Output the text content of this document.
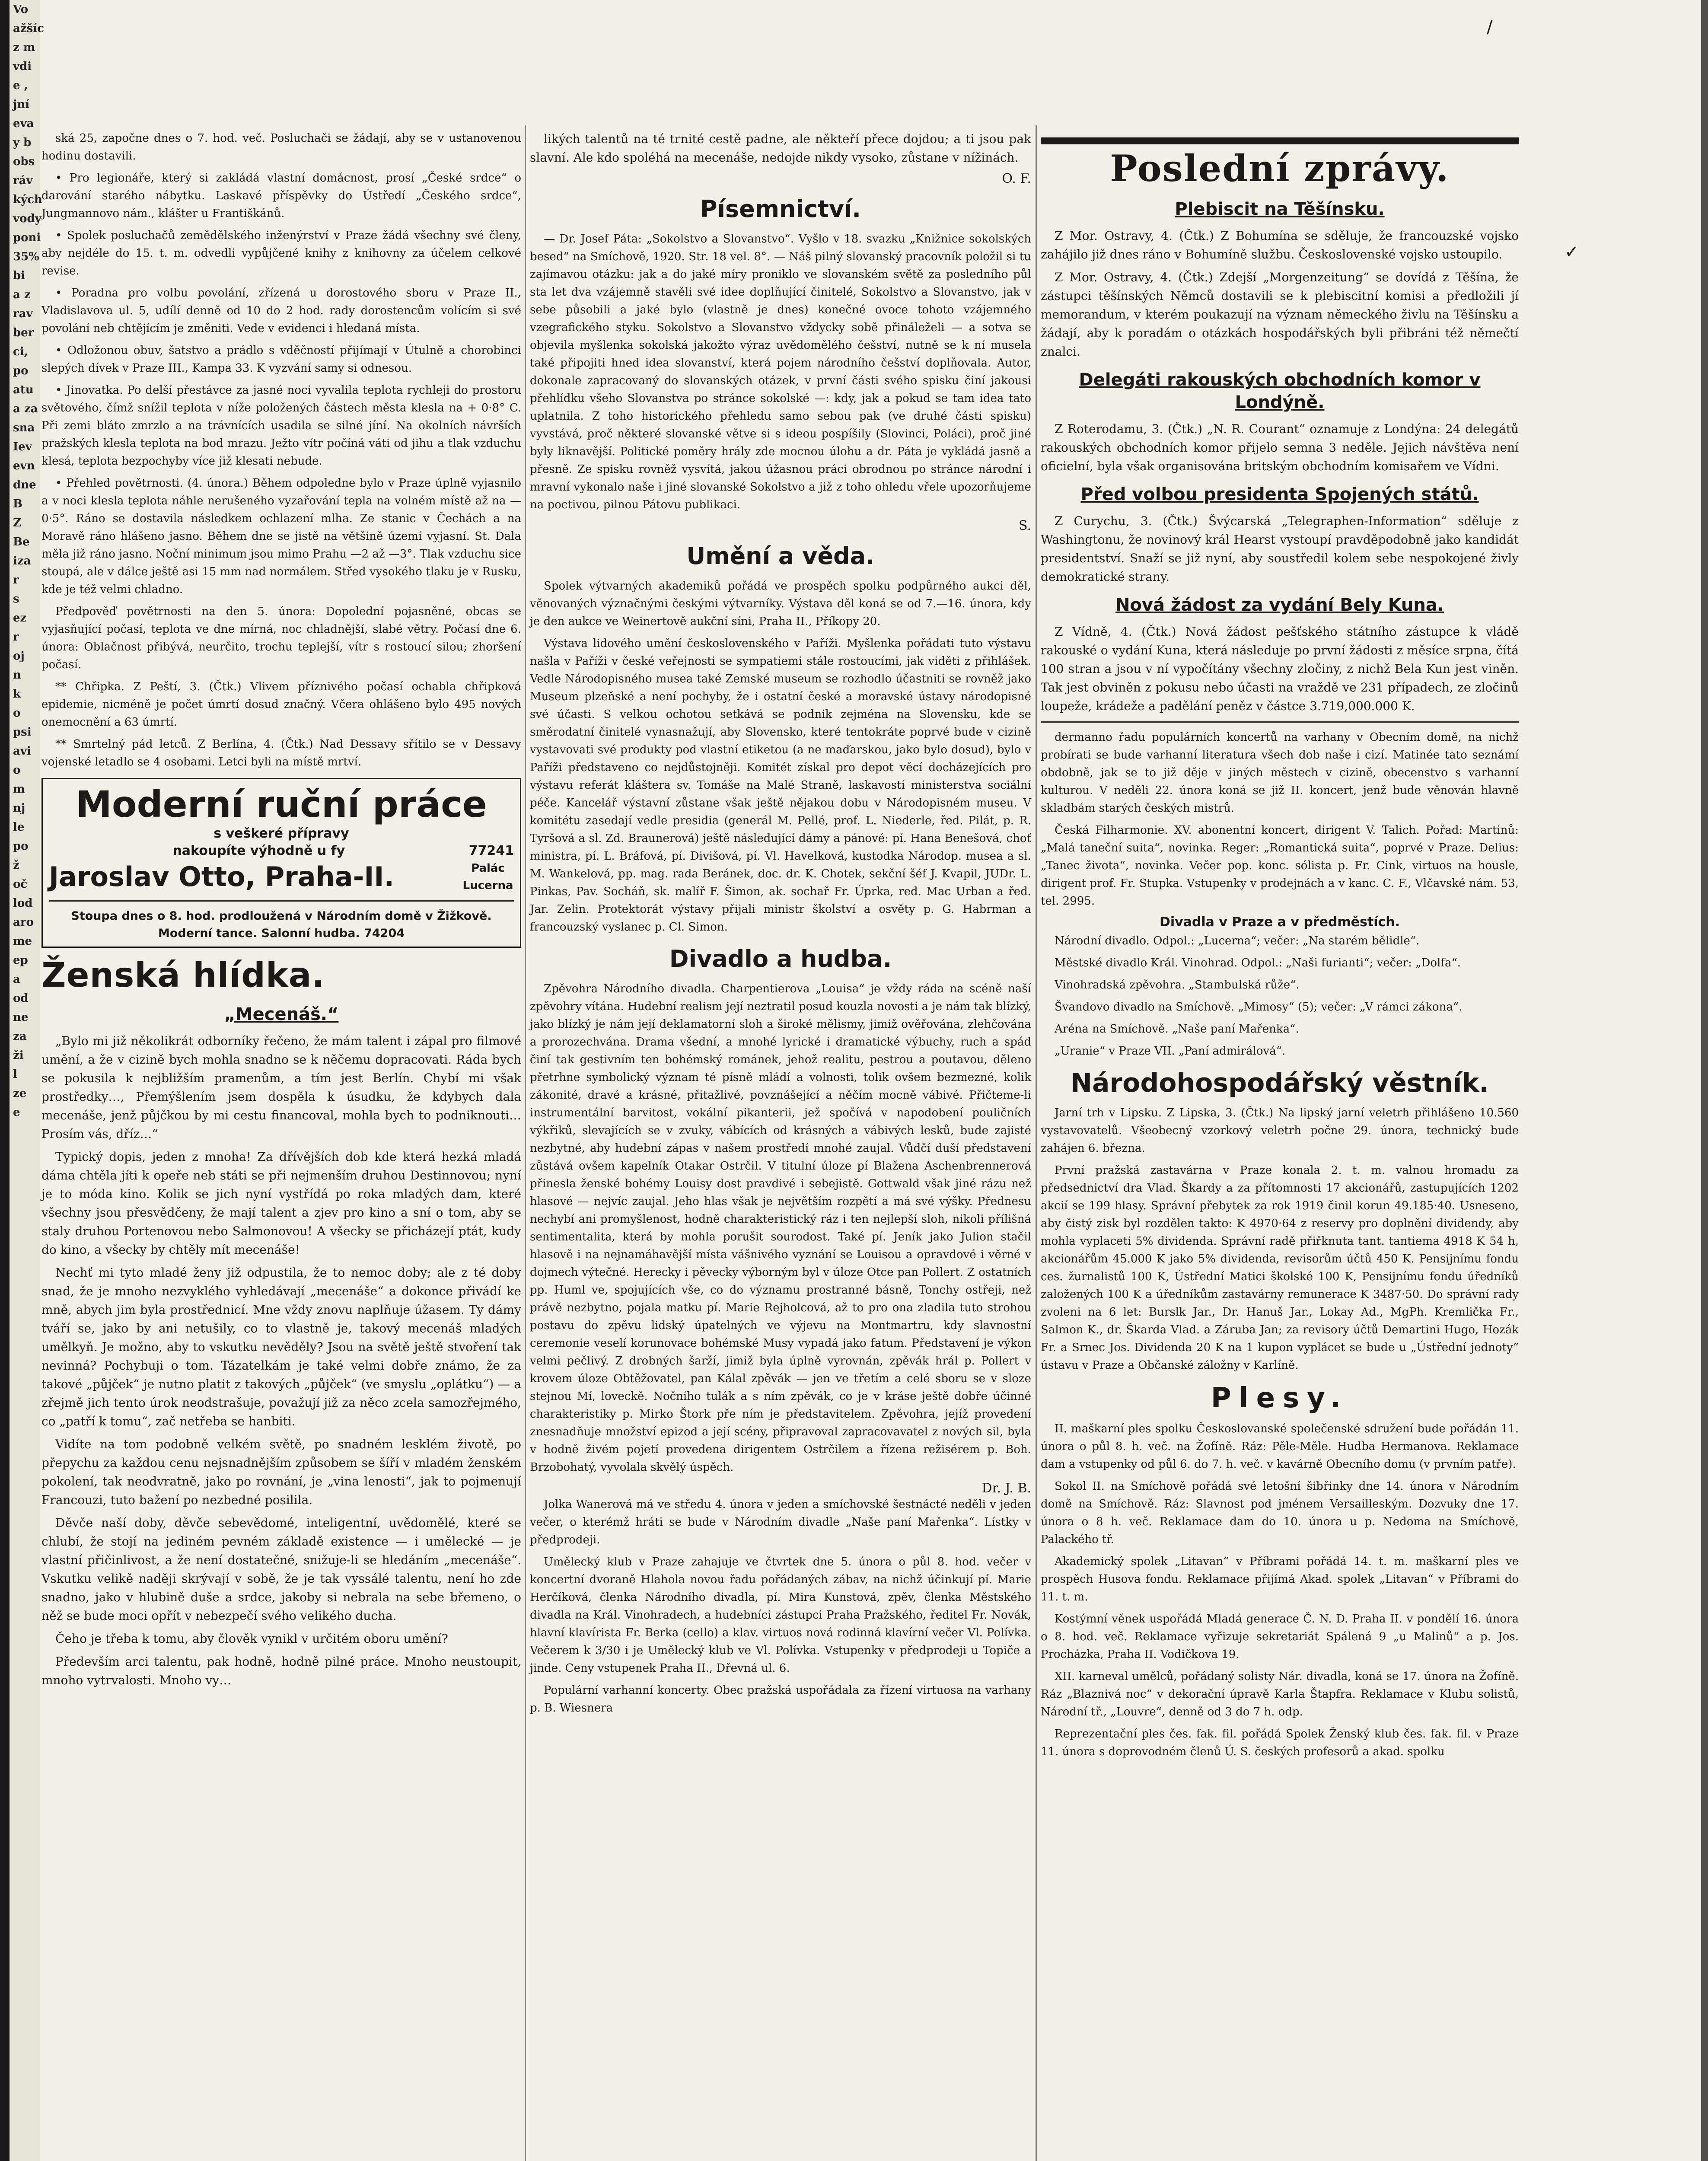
Vo
ažšíc
z m
vdi
e ,
jní
eva
y b
obs
ráv
kých
vody
poni
35%
bi
a z
rav
ber
ci,
po
atu
a za
sna
Iev
evn
dne
B
Z
Be
iza
r
s
ez
r
oj
n
k
o
psi
avi
o
m
nj
le
po
ž
oč
lod
aro
me
ep
a
od
ne
za
ži
l
ze
e

ská 25, započne dnes o 7. hod. več. Posluchači se žádají, aby se v ustanovenou hodinu dostavili.

• Pro legionáře, který si zakládá vlastní domácnost, prosí „České srdce“ o darování starého nábytku. Laskavé příspěvky do Ústředí „Českého srdce“, Jungmannovo nám., klášter u Františkánů.

• Spolek posluchačů zemědělského inženýrství v Praze žádá všechny své členy, aby nejdéle do 15. t. m. odvedli vypůjčené knihy z knihovny za účelem celkové revise.

• Poradna pro volbu povolání, zřízená u dorostového sboru v Praze II., Vladislavova ul. 5, udílí denně od 10 do 2 hod. rady dorostencům volícím si své povolání neb chtějícím je změniti. Vede v evidenci i hledaná místa.

• Odložonou obuv, šatstvo a prádlo s vděčností přijímají v Útulně a chorobinci slepých dívek v Praze III., Kampa 33. K vyzvání samy si odnesou.

• Jinovatka. Po delší přestávce za jasné noci vyvalila teplota rychleji do prostoru světového, čímž snížil teplota v níže položených částech města klesla na + 0·8° C. Při zemi bláto zmrzlo a na trávnících usadila se silné jíní. Na okolních návrších pražských klesla teplota na bod mrazu. Ježto vítr počíná váti od jihu a tlak vzduchu klesá, teplota bezpochyby více již klesati nebude.

• Přehled povětrnosti. (4. února.) Během odpoledne bylo v Praze úplně vyjasnilo a v noci klesla teplota náhle nerušeného vyzařování tepla na volném místě až na — 0·5°. Ráno se dostavila následkem ochlazení mlha. Ze stanic v Čechách a na Moravě ráno hlášeno jasno. Během dne se jistě na většině území vyjasní. St. Dala měla již ráno jasno. Noční minimum jsou mimo Prahu —2 až —3°. Tlak vzduchu sice stoupá, ale v dálce ještě asi 15 mm nad normálem. Střed vysokého tlaku je v Rusku, kde je též velmi chladno.

Předpověď povětrnosti na den 5. února: Dopolední pojasněné, obcas se vyjasňující počasí, teplota ve dne mírná, noc chladnější, slabé větry. Počasí dne 6. února: Oblačnost přibývá, neurčito, trochu teplejší, vítr s rostoucí silou; zhoršení počasí.

** Chřipka. Z Peští, 3. (Čtk.) Vlivem příznivého počasí ochabla chřipková epidemie, nicméně je počet úmrtí dosud značný. Včera ohlášeno bylo 495 nových onemocnění a 63 úmrtí.

** Smrtelný pád letců. Z Berlína, 4. (Čtk.) Nad Dessavy sřítilo se v Dessavy vojenské letadlo se 4 osobami. Letci byli na místě mrtví.

Moderní ruční práce
s veškeré přípravy
nakoupíte výhodně u fy	77241
Jaroslav Otto, Praha-II.	Palác Lucerna
Stoupa dnes o 8. hod. prodloužená v Národním domě v Žižkově. Moderní tance. Salonní hudba. 74204
Ženská hlídka.
„Mecenáš.“

„Bylo mi již několikrát odborníky řečeno, že mám talent i zápal pro filmové umění, a že v cizině bych mohla snadno se k něčemu dopracovati. Ráda bych se pokusila k nejbližším pramenům, a tím jest Berlín. Chybí mi však prostředky…, Přemýšlením jsem dospěla k úsudku, že kdybych dala mecenáše, jenž půjčkou by mi cestu financoval, mohla bych to podniknouti… Prosím vás, dříz…“

Typický dopis, jeden z mnoha! Za dřívějších dob kde která hezká mladá dáma chtěla jíti k opeře neb státi se při nejmenším druhou Destinnovou; nyní je to móda kino. Kolik se jich nyní vystřídá po roka mladých dam, které všechny jsou přesvědčeny, že mají talent a zjev pro kino a sní o tom, aby se staly druhou Portenovou nebo Salmonovou! A všecky se přicházejí ptát, kudy do kino, a všecky by chtěly mít mecenáše!

Nechť mi tyto mladé ženy již odpustila, že to nemoc doby; ale z té doby snad, že je mnoho nezvyklého vyhledávají „mecenáše“ a dokonce přivádí ke mně, abych jim byla prostřednicí. Mne vždy znovu naplňuje úžasem. Ty dámy tváří se, jako by ani netušily, co to vlastně je, takový mecenáš mladých umělkyň. Je možno, aby to vskutku nevěděly? Jsou na světě ještě stvoření tak nevinná? Pochybuji o tom. Tázatelkám je také velmi dobře známo, že za takové „půjček“ je nutno platit z takových „půjček“ (ve smyslu „oplátku“) — a zřejmě jich tento úrok neodstrašuje, považují již za něco zcela samozřejmého, co „patří k tomu“, zač netřeba se hanbiti.

Vidíte na tom podobně velkém světě, po snadném lesklém životě, po přepychu za každou cenu nejsnadnějším způsobem se šíří v mladém ženském pokolení, tak neodvratně, jako po rovnání, je „vina lenosti“, jak to pojmenují Francouzi, tuto bažení po nezbedné posilila.

Děvče naší doby, děvče sebevědomé, inteligentní, uvědomělé, které se chlubí, že stojí na jediném pevném základě existence — i umělecké — je vlastní přičinlivost, a že není dostatečné, snižuje-li se hledáním „mecenáše“. Vskutku velikě naději skrývají v sobě, že je tak vyssálé talentu, není ho zde snadno, jako v hlubině duše a srdce, jakoby si nebrala na sebe břemeno, o něž se bude moci opřít v nebezpečí svého velikého ducha.

Čeho je třeba k tomu, aby člověk vynikl v určitém oboru umění?

Především arci talentu, pak hodně, hodně pilné práce. Mnoho neustoupit, mnoho vytrvalosti. Mnoho vy…

likých talentů na té trnité cestě padne, ale někteří přece dojdou; a ti jsou pak slavní. Ale kdo spoléhá na mecenáše, nedojde nikdy vysoko, zůstane v nížinách.

O. F.
Písemnictví.

— Dr. Josef Páta: „Sokolstvo a Slovanstvo“. Vyšlo v 18. svazku „Knižnice sokolských besed“ na Smíchově, 1920. Str. 18 vel. 8°. — Náš pilný slovanský pracovník položil si tu zajímavou otázku: jak a do jaké míry proniklo ve slovanském světě za posledního půl sta let dva vzájemně stavěli své idee doplňující činitelé, Sokolstvo a Slovanstvo, jak v sebe působili a jaké bylo (vlastně je dnes) konečné ovoce tohoto vzájemného vzegrafického styku. Sokolstvo a Slovanstvo vždycky sobě přináleželi — a sotva se objevila myšlenka sokolská jakožto výraz uvědomělého češství, nutně se k ní musela také připojiti hned idea slovanství, která pojem národního češství doplňovala. Autor, dokonale zapracovaný do slovanských otázek, v první části svého spisku činí jakousi přehlídku všeho Slovanstva po stránce sokolské —: kdy, jak a pokud se tam idea tato uplatnila. Z toho historického přehledu samo sebou pak (ve druhé části spisku) vyvstává, proč některé slovanské větve si s ideou pospíšily (Slovinci, Poláci), proč jiné byly liknavější. Politické poměry hrály zde mocnou úlohu a dr. Páta je vykládá jasně a přesně. Ze spisku rovněž vysvítá, jakou úžasnou práci obrodnou po stránce národní i mravní vykonalo naše i jiné slovanské Sokolstvo a již z toho ohledu vřele upozorňujeme na poctivou, pilnou Pátovu publikaci.

S.
Umění a věda.

Spolek výtvarných akademiků pořádá ve prospěch spolku podpůrného aukci děl, věnovaných význačnými českými výtvarníky. Výstava děl koná se od 7.—16. února, kdy je den aukce ve Weinertově aukční síni, Praha II., Příkopy 20.

Výstava lidového umění československého v Paříži. Myšlenka pořádati tuto výstavu našla v Paříži v české veřejnosti se sympatiemi stále rostoucími, jak viděti z přihlášek. Vedle Národopisného musea také Zemské museum se rozhodlo účastniti se rovněž jako Museum plzeňské a není pochyby, že i ostatní české a moravské ústavy národopisné své účasti. S velkou ochotou setkává se podnik zejména na Slovensku, kde se směrodatní činitelé vynasnažují, aby Slovensko, které tentokráte poprvé bude v cizině vystavovati své produkty pod vlastní etiketou (a ne maďarskou, jako bylo dosud), bylo v Paříži představeno co nejdůstojněji. Komitét získal pro depot věcí docházejících pro výstavu referát kláštera sv. Tomáše na Malé Straně, laskavostí ministerstva sociální péče. Kancelář výstavní zůstane však ještě nějakou dobu v Národopisném museu. V komitétu zasedají vedle presidia (generál M. Pellé, prof. L. Niederle, řed. Pilát, p. R. Tyršová a sl. Zd. Braunerová) ještě následující dámy a pánové: pí. Hana Benešová, choť ministra, pí. L. Bráfová, pí. Divišová, pí. Vl. Havelková, kustodka Národop. musea a sl. M. Wankelová, pp. mag. rada Beránek, doc. dr. K. Chotek, sekční šéf J. Kvapil, JUDr. L. Pinkas, Pav. Socháň, sk. malíř F. Šimon, ak. sochař Fr. Úprka, red. Mac Urban a řed. Jar. Zelin. Protektorát výstavy přijali ministr školství a osvěty p. G. Habrman a francouzský vyslanec p. Cl. Simon.

Divadlo a hudba.

Zpěvohra Národního divadla. Charpentierova „Louisa“ je vždy ráda na scéně naší zpěvohry vítána. Hudební realism její neztratil posud kouzla novosti a je nám tak blízký, jako blízký je nám její deklamatorní sloh a široké mělismy, jimiž ověřována, zlehčována a prorozechvána. Drama všední, a mnohé lyrické i dramatické výbuchy, ruch a spád činí tak gestivním ten bohémský románek, jehož realitu, pestrou a poutavou, děleno přetrhne symbolický význam té písně mládí a volnosti, tolik ovšem bezmezné, kolik zákonité, dravé a krásné, přitažlivé, povznášející a něčím mocně vábivé. Přičteme-li instrumentální barvitost, vokální pikanterii, jež spočívá v napodobení pouličních výkřiků, slevajících se v zvuky, vábících od krásných a vábivých lesků, bude zajisté nezbytné, aby hudební zápas v našem prostředí mnohé zaujal. Vůdčí duší představení zůstává ovšem kapelník Otakar Ostrčil. V titulní úloze pí Blažena Aschenbrennerová přinesla ženské bohémy Louisy dost pravdivé i sebejistě. Gottwald však jiné rázu než hlasové — nejvíc zaujal. Jeho hlas však je největším rozpětí a má své výšky. Přednesu nechybí ani promyšlenost, hodně charakteristický ráz i ten nejlepší sloh, nikoli přílišná sentimentalita, která by mohla porušit sourodost. Také pí. Jeník jako Julion stačil hlasově i na nejnamáhavější místa vášnivého vyznání se Louisou a opravdové i věrné v dojmech výtečné. Herecky i pěvecky výborným byl v úloze Otce pan Pollert. Z ostatních pp. Huml ve, spojujících vše, co do významu prostranné básně, Tonchy ostřeji, než právě nezbytno, pojala matku pí. Marie Rejholcová, až to pro ona zladila tuto strohou postavu do zpěvu lidský úpatelných ve výjevu na Montmartru, kdy slavnostní ceremonie veselí korunovace bohémské Musy vypadá jako fatum. Představení je výkon velmi pečlivý. Z drobných šarží, jimiž byla úplně vyrovnán, zpěvák hrál p. Pollert v krovem úloze Obtěžovatel, pan Kálal zpěvák — jen ve třetím a celé sboru se v sloze stejnou Mí, loveckě. Nočního tulák a s ním zpěvák, co je v kráse ještě dobře účinné charakteristiky p. Mirko Štork pře ním je představitelem. Zpěvohra, jejíž provedení znesnadňuje množství epizod a její scény, připravoval zapracovavatel z nových sil, byla v hodně živém pojetí provedena dirigentem Ostrčilem a řízena režisérem p. Boh. Brzobohatý, vyvolala skvělý úspěch.

Dr. J. B.

Jolka Wanerová má ve středu 4. února v jeden a smíchovské šestnácté neděli v jeden večer, o kterémž hráti se bude v Národním divadle „Naše paní Mařenka“. Lístky v předprodeji.

Umělecký klub v Praze zahajuje ve čtvrtek dne 5. února o půl 8. hod. večer v koncertní dvoraně Hlahola novou řadu pořádaných zábav, na nichž účinkují pí. Marie Herčíková, členka Národního divadla, pí. Mira Kunstová, zpěv, členka Městského divadla na Král. Vinohradech, a hudebníci zástupci Praha Pražského, ředitel Fr. Novák, hlavní klavírista Fr. Berka (cello) a klav. virtuos nová rodinná klavírní večer Vl. Polívka. Večerem k 3/30 i je Umělecký klub ve Vl. Polívka. Vstupenky v předprodeji u Topiče a jinde. Ceny vstupenek Praha II., Dřevná ul. 6.

Populární varhanní koncerty. Obec pražská uspořádala za řízení virtuosa na varhany p. B. Wiesnera

Poslední zprávy.
Plebiscit na Těšínsku.

Z Mor. Ostravy, 4. (Čtk.) Z Bohumína se sděluje, že francouzské vojsko zahájilo již dnes ráno v Bohumíně službu. Československé vojsko ustoupilo.

Z Mor. Ostravy, 4. (Čtk.) Zdejší „Morgenzeitung“ se dovídá z Těšína, že zástupci těšínských Němců dostavili se k plebiscitní komisi a předložili jí memorandum, v kterém poukazují na význam německého živlu na Těšínsku a žádají, aby k poradám o otázkách hospodářských byli přibráni též němečtí znalci.

Delegáti rakouských obchodních komor v Londýně.

Z Roterodamu, 3. (Čtk.) „N. R. Courant“ oznamuje z Londýna: 24 delegátů rakouských obchodních komor přijelo semna 3 neděle. Jejich návštěva není oficielní, byla však organisována britským obchodním komisařem ve Vídni.

Před volbou presidenta Spojených států.

Z Curychu, 3. (Čtk.) Švýcarská „Telegraphen-Information“ sděluje z Washingtonu, že novinový král Hearst vystoupí pravděpodobně jako kandidát presidentství. Snaží se již nyní, aby soustředil kolem sebe nespokojené živly demokratické strany.

Nová žádost za vydání Bely Kuna.

Z Vídně, 4. (Čtk.) Nová žádost pešťského státního zástupce k vládě rakouské o vydání Kuna, která následuje po první žádosti z měsíce srpna, čítá 100 stran a jsou v ní vypočítány všechny zločiny, z nichž Bela Kun jest viněn. Tak jest obviněn z pokusu nebo účasti na vraždě ve 231 případech, ze zločinů loupeže, krádeže a padělání peněz v částce 3.719,000.000 K.

dermanno řadu populárních koncertů na varhany v Obecním domě, na nichž probírati se bude varhanní literatura všech dob naše i cizí. Matinée tato seznámí obdobně, jak se to již děje v jiných městech v cizině, obecenstvo s varhanní kulturou. V neděli 22. února koná se již II. koncert, jenž bude věnován hlavně skladbám starých českých mistrů.

Česká Filharmonie. XV. abonentní koncert, dirigent V. Talich. Pořad: Martinů: „Malá taneční suita“, novinka. Reger: „Romantická suita“, poprvé v Praze. Delius: „Tanec života“, novinka. Večer pop. konc. sólista p. Fr. Cink, virtuos na housle, dirigent prof. Fr. Stupka. Vstupenky v prodejnách a v kanc. C. F., Vlčavské nám. 53, tel. 2995.

Divadla v Praze a v předměstích.

Národní divadlo. Odpol.: „Lucerna“; večer: „Na starém bělidle“.

Městské divadlo Král. Vinohrad. Odpol.: „Naši furianti“; večer: „Dolfa“.

Vinohradská zpěvohra. „Stambulská růže“.

Švandovo divadlo na Smíchově. „Mimosy“ (5); večer: „V rámci zákona“.

Aréna na Smíchově. „Naše paní Mařenka“.

„Uranie“ v Praze VII. „Paní admirálová“.

Národohospodářský věstník.

Jarní trh v Lipsku. Z Lipska, 3. (Čtk.) Na lipský jarní veletrh přihlášeno 10.560 vystavovatelů. Všeobecný vzorkový veletrh počne 29. února, technický bude zahájen 6. března.

První pražská zastavárna v Praze konala 2. t. m. valnou hromadu za předsednictví dra Vlad. Škardy a za přítomnosti 17 akcionářů, zastupujících 1202 akcií se 199 hlasy. Správní přebytek za rok 1919 činil korun 49.185·40. Usneseno, aby čistý zisk byl rozdělen takto: K 4970·64 z reservy pro doplnění dividendy, aby mohla vyplaceti 5% dividenda. Správní radě přiřknuta tant. tantiema 4918 K 54 h, akcionářům 45.000 K jako 5% dividenda, revisorům účtů 450 K. Pensijnímu fondu ces. žurnalistů 100 K, Ústřední Matici školské 100 K, Pensijnímu fondu úředníků založených 100 K a úředníkům zastavárny remunerace K 3487·50. Do správní rady zvoleni na 6 let: Burslk Jar., Dr. Hanuš Jar., Lokay Ad., MgPh. Kremlička Fr., Salmon K., dr. Škarda Vlad. a Záruba Jan; za revisory účtů Demartini Hugo, Hozák Fr. a Srnec Jos. Dividenda 20 K na 1 kupon vyplácet se bude u „Ústřední jednoty“ ústavu v Praze a Občanské záložny v Karlíně.

Plesy.

II. maškarní ples spolku Českoslovanské společenské sdružení bude pořádán 11. února o půl 8. h. več. na Žofíně. Ráz: Pěle-Měle. Hudba Hermanova. Reklamace dam a vstupenky od půl 6. do 7. h. več. v kavárně Obecního domu (v prvním patře).

Sokol II. na Smíchově pořádá své letošní šibřinky dne 14. února v Národním domě na Smíchově. Ráz: Slavnost pod jménem Versailleským. Dozvuky dne 17. února o 8 h. več. Reklamace dam do 10. února u p. Nedoma na Smíchově, Palackého tř.

Akademický spolek „Litavan“ v Příbrami pořádá 14. t. m. maškarní ples ve prospěch Husova fondu. Reklamace přijímá Akad. spolek „Litavan“ v Příbrami do 11. t. m.

Kostýmní věnek uspořádá Mladá generace Č. N. D. Praha II. v pondělí 16. února o 8. hod. več. Reklamace vyřizuje sekretariát Spálená 9 „u Malinů“ a p. Jos. Procházka, Praha II. Vodičkova 19.

XII. karneval umělců, pořádaný solisty Nár. divadla, koná se 17. února na Žofíně. Ráz „Blaznivá noc“ v dekorační úpravě Karla Štapfra. Reklamace v Klubu solistů, Národní tř., „Louvre“, denně od 3 do 7 h. odp.

Reprezentační ples čes. fak. fil. pořádá Spolek Ženský klub čes. fak. fil. v Praze 11. února s doprovodném členů Ú. S. českých profesorů a akad. spolku

✓
/
